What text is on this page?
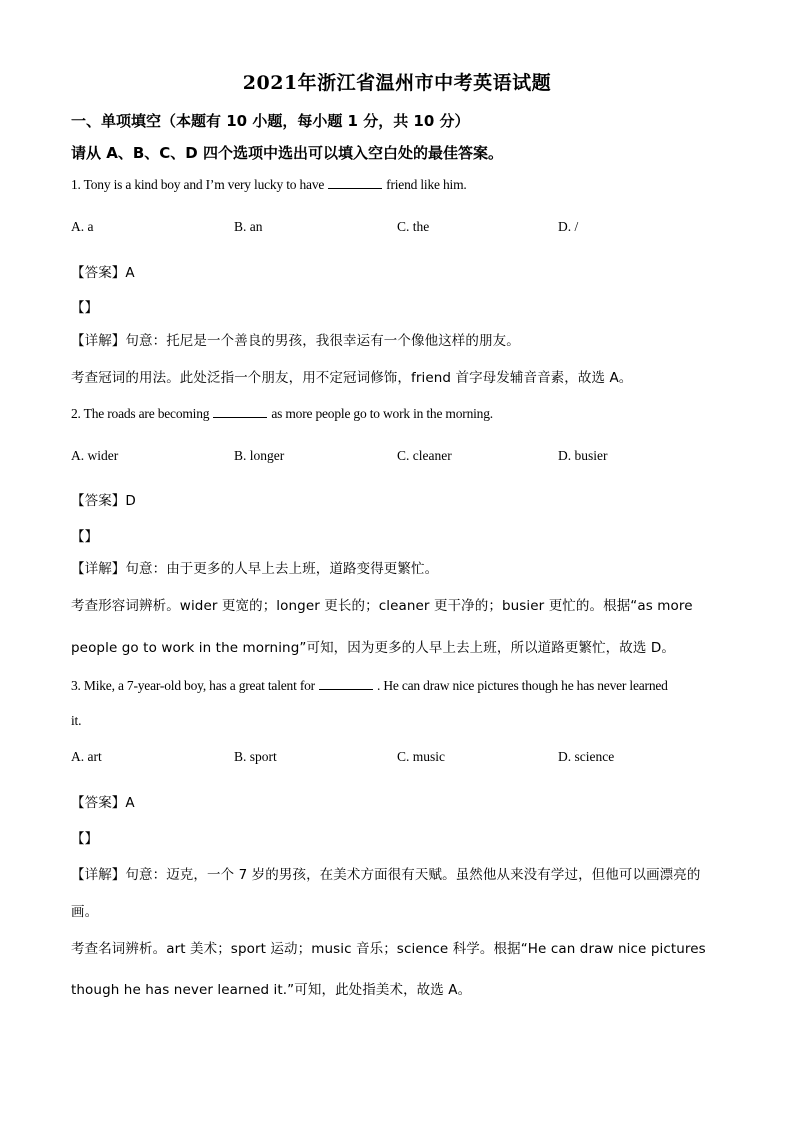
2021年浙江省温州市中考英语试题
一、单项填空（本题有 10 小题，每小题 1 分，共 10 分）
请从 A、B、C、D 四个选项中选出可以填入空白处的最佳答案。
1. Tony is a kind boy and I’m very lucky to have	friend like him.
A. a	B. an	C. the	D. /
【答案】A
【】
【详解】句意：托尼是一个善良的男孩，我很幸运有一个像他这样的朋友。
考查冠词的用法。此处泛指一个朋友，用不定冠词修饰，friend 首字母发辅音音素，故选 A。
2. The roads are becoming	as more people go to work in the morning.
A. wider	B. longer	C. cleaner	D. busier
【答案】D
【】
【详解】句意：由于更多的人早上去上班，道路变得更繁忙。
考查形容词辨析。wider 更宽的；longer 更长的；cleaner 更干净的；busier 更忙的。根据“as more
people go to work in the morning”可知，因为更多的人早上去上班，所以道路更繁忙，故选 D。
3. Mike, a 7-year-old boy, has a great talent for	. He can draw nice pictures though he has never learned
it.
A. art	B. sport	C. music	D. science
【答案】A
【】
【详解】句意：迈克，一个 7 岁的男孩，在美术方面很有天赋。虽然他从来没有学过，但他可以画漂亮的
画。
考查名词辨析。art 美术；sport 运动；music 音乐；science 科学。根据“He can draw nice pictures
though he has never learned it.”可知，此处指美术，故选 A。
